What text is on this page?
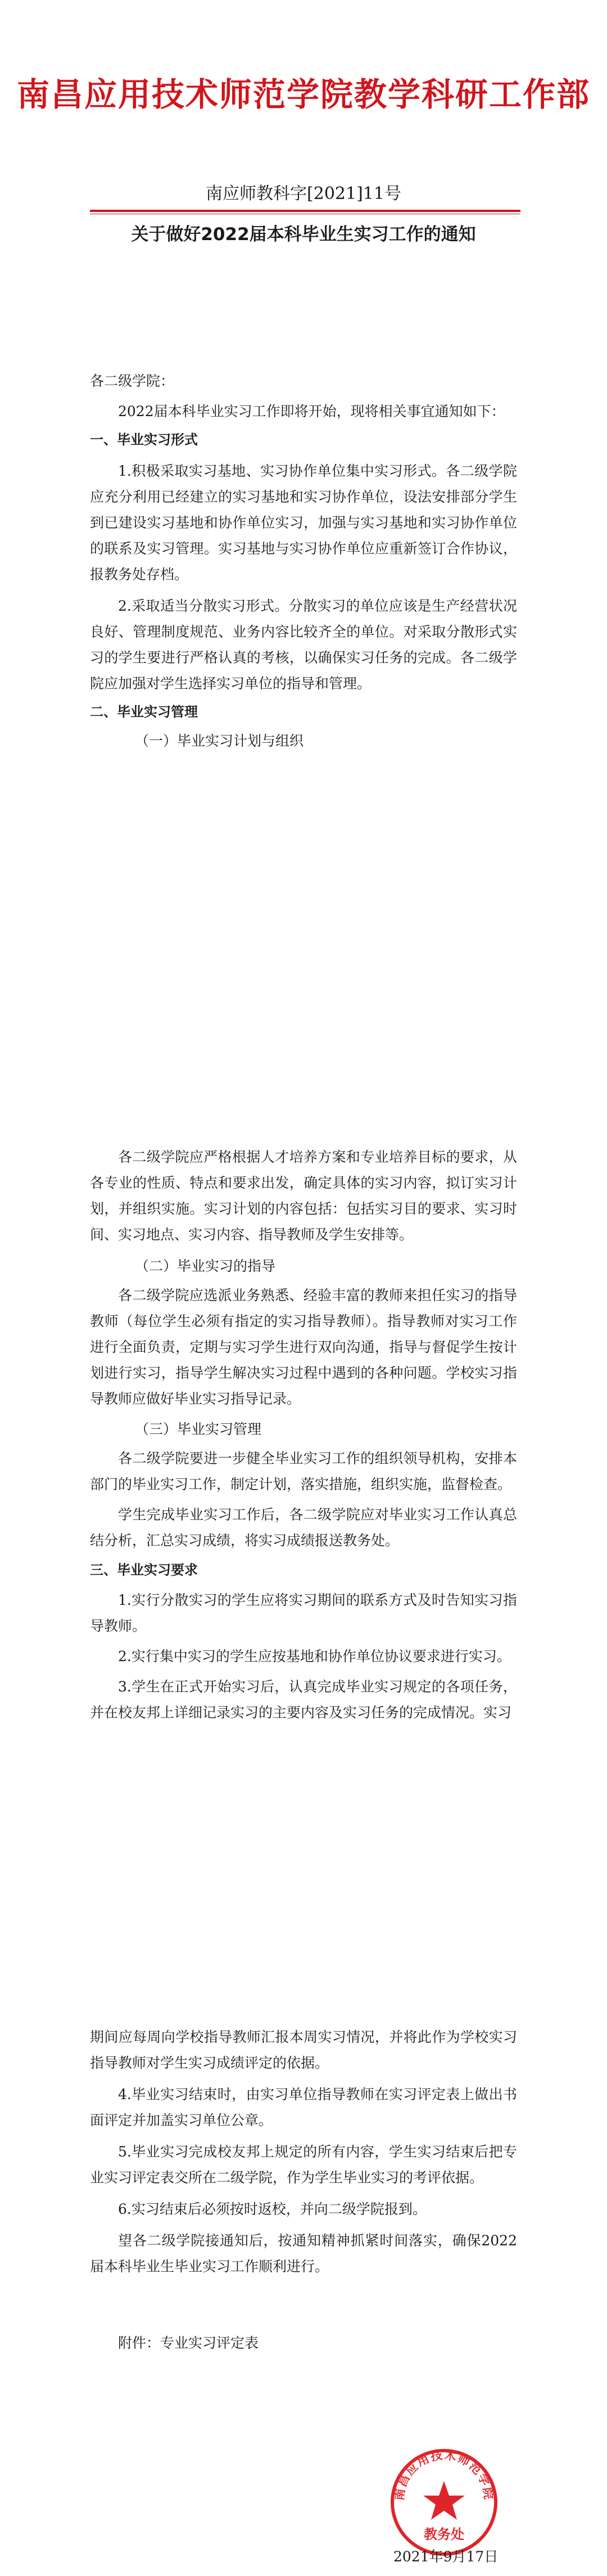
南昌应用技术师范学院教学科研工作部
南应师教科字[2021]11号
关于做好2022届本科毕业生实习工作的通知

各二级学院：

2022届本科毕业实习工作即将开始，现将相关事宜通知如下：

一、毕业实习形式

1.积极采取实习基地、实习协作单位集中实习形式。各二级学院应充分利用已经建立的实习基地和实习协作单位，设法安排部分学生到已建设实习基地和协作单位实习，加强与实习基地和实习协作单位的联系及实习管理。实习基地与实习协作单位应重新签订合作协议，报教务处存档。

2.采取适当分散实习形式。分散实习的单位应该是生产经营状况良好、管理制度规范、业务内容比较齐全的单位。对采取分散形式实习的学生要进行严格认真的考核，以确保实习任务的完成。各二级学院应加强对学生选择实习单位的指导和管理。

二、毕业实习管理

（一）毕业实习计划与组织

各二级学院应严格根据人才培养方案和专业培养目标的要求，从各专业的性质、特点和要求出发，确定具体的实习内容，拟订实习计划，并组织实施。实习计划的内容包括：包括实习目的要求、实习时间、实习地点、实习内容、指导教师及学生安排等。

（二）毕业实习的指导

各二级学院应选派业务熟悉、经验丰富的教师来担任实习的指导教师（每位学生必须有指定的实习指导教师）。指导教师对实习工作进行全面负责，定期与实习学生进行双向沟通，指导与督促学生按计划进行实习，指导学生解决实习过程中遇到的各种问题。学校实习指导教师应做好毕业实习指导记录。

（三）毕业实习管理

各二级学院要进一步健全毕业实习工作的组织领导机构，安排本部门的毕业实习工作，制定计划，落实措施，组织实施，监督检查。

学生完成毕业实习工作后，各二级学院应对毕业实习工作认真总结分析，汇总实习成绩，将实习成绩报送教务处。

三、毕业实习要求

1.实行分散实习的学生应将实习期间的联系方式及时告知实习指导教师。

2.实行集中实习的学生应按基地和协作单位协议要求进行实习。

3.学生在正式开始实习后，认真完成毕业实习规定的各项任务，并在校友邦上详细记录实习的主要内容及实习任务的完成情况。实习

期间应每周向学校指导教师汇报本周实习情况，并将此作为学校实习指导教师对学生实习成绩评定的依据。

4.毕业实习结束时，由实习单位指导教师在实习评定表上做出书面评定并加盖实习单位公章。

5.毕业实习完成校友邦上规定的所有内容，学生实习结束后把专业实习评定表交所在二级学院，作为学生毕业实习的考评依据。

6.实习结束后必须按时返校，并向二级学院报到。

望各二级学院接通知后，按通知精神抓紧时间落实，确保2022届本科毕业生毕业实习工作顺利进行。

附件：专业实习评定表

南昌应用技术师范学院
教务处
2021年9月17日
